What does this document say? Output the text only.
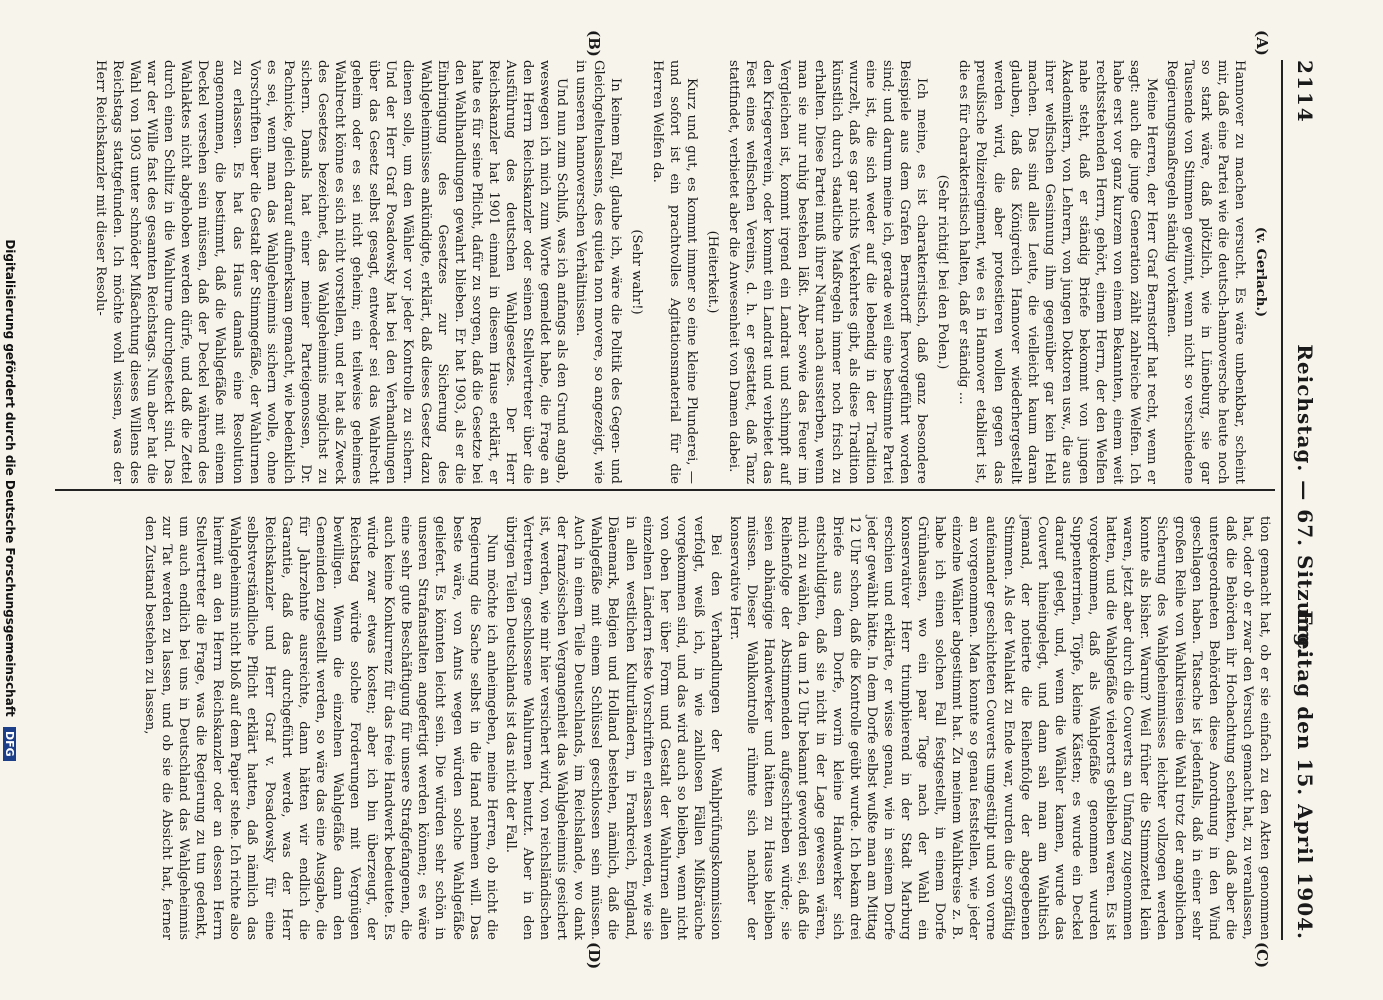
2114
Reichstag. — 67. Sitzung.
Freitag den 15. April 1904.
(A)
(B)
(C)
(D)

(v. Gerlach.)

Hannover zu machen versucht. Es wäre unbenkbar, scheint mir, daß eine Partei wie die deutsch-hannoversche heute noch so stark wäre, daß plötzlich, wie in Lüneburg, sie gar Tausende von Stimmen gewinnt, wenn nicht so verschiedene Regierungsmaßregeln ständig vorkämen.

Meine Herren, der Herr Graf Bernstorff hat recht, wenn er sagt: auch die junge Generation zählt zahlreiche Welfen. Ich habe erst vor ganz kurzem von einem Bekannten, einem weit rechtsstehenden Herrn, gehört, einem Herrn, der den Welfen nahe steht, daß er ständig Briefe bekommt von jungen Akademikern, von Lehrern, von jungen Doktoren usw., die aus ihrer welfischen Gesinnung ihm gegenüber gar kein Hehl machen. Das sind alles Leute, die vielleicht kaum daran glauben, daß das Königreich Hannover wiederhergestellt werden wird, die aber protestieren wollen gegen das preußische Polizeiregiment, wie es in Hannover etabliert ist, die es für charakteristisch halten, daß er ständig ...

(Sehr richtig! bei den Polen.)

Ich meine, es ist charakteristisch, daß ganz besondere Beispiele aus dem Grafen Bernstorff hervorgeführt worden sind; und darum meine ich, gerade weil eine bestimmte Partei eine ist, die sich weder auf die lebendig in der Tradition wurzelt, daß es gar nichts Verkehrtes gibt, als diese Tradition künstlich durch staatliche Maßregeln immer noch frisch zu erhalten. Diese Partei muß ihrer Natur nach aussterben, wenn man sie nur ruhig bestehen läßt. Aber sowie das Feuer im Vergleichen ist, kommt irgend ein Landrat und schimpft auf den Kriegerverein, oder kommt ein Landrat und verbietet das Fest eines welfischen Vereins, d. h. er gestattet, daß Tanz stattfindet, verbietet aber die Anwesenheit von Damen dabei.

(Heiterkeit.)

Kurz und gut, es kommt immer so eine kleine Plunderei, — und sofort ist ein prachtvolles Agitationsmaterial für die Herren Welfen da.

(Sehr wahr!)

In keinem Fall, glaube ich, wäre die Politik des Gegen- und Gleichgeltenlassens, des quieta non movere, so angezeigt, wie in unseren hannoverschen Verhältnissen.

Und nun zum Schluß, was ich anfangs als den Grund angab, weswegen ich mich zum Worte gemeldet habe, die Frage an den Herrn Reichskanzler oder seinen Stellvertreter über die Ausführung des deutschen Wahlgesetzes. Der Herr Reichskanzler hat 1901 einmal in diesem Hause erklärt, er halte es für seine Pflicht, dafür zu sorgen, daß die Gesetze bei den Wahlhandlungen gewahrt blieben. Er hat 1903, als er die Einbringung des Gesetzes zur Sicherung des Wahlgeheimnisses ankündigte, erklärt, daß dieses Gesetz dazu dienen solle, um den Wähler vor jeder Kontrolle zu sichern. Und der Herr Graf Posadowsky hat bei den Verhandlungen über das Gesetz selbst gesagt, entweder sei das Wahlrecht geheim oder es sei nicht geheim; ein teilweise geheimes Wahlrecht könne es sich nicht vorstellen, und er hat als Zweck des Gesetzes bezeichnet, das Wahlgeheimnis möglichst zu sichern. Damals hat einer meiner Parteigenossen, Dr. Pachnicke, gleich darauf aufmerksam gemacht, wie bedenklich es sei, wenn man das Wahlgeheimnis sichern wolle, ohne Vorschriften über die Gestalt der Stimmgefäße, der Wahlurnen zu erlassen. Es hat das Haus damals eine Resolution angenommen, die bestimmt, daß die Wahlgefäße mit einem Deckel versehen sein müssen, daß der Deckel während des Wahlaktes nicht abgehoben werden dürfe, und daß die Zettel durch einen Schlitz in die Wahlurne durchgesteckt sind. Das war der Wille fast des gesamten Reichstags. Nun aber hat die Wahl von 1903 unter schnöder Mißachtung dieses Willens des Reichstags stattgefunden. Ich möchte wohl wissen, was der Herr Reichskanzler mit dieser Resolu-

tion gemacht hat, ob er sie einfach zu den Akten genommen hat, oder ob er zwar den Versuch gemacht hat, zu veranlassen, daß die Behörden ihr Hochachtung schenkten, daß aber die untergeordneten Behörden diese Anordnung in den Wind geschlagen haben. Tatsache ist jedenfalls, daß in einer sehr großen Reihe von Wahlkreisen die Wahl trotz der angeblichen Sicherung des Wahlgeheimnisses leichter vollzogen werden konnte als bisher. Warum? Weil früher die Stimmzettel klein waren, jetzt aber durch die Couverts an Umfang zugenommen hatten, und die Wahlgefäße vielerorts geblieben waren. Es ist vorgekommen, daß als Wahlgefäße genommen wurden Suppenterrinen, Töpfe, kleine Kästen; es wurde ein Deckel darauf gelegt, und, wenn die Wähler kamen, wurde das Couvert hineingelegt, und dann sah man am Wahltisch jemand, der notierte die Reihenfolge der abgegebenen Stimmen. Als der Wahlakt zu Ende war, wurden die sorgfältig aufeinander geschichteten Couverts umgestülpt und von vorne an vorgenommen. Man konnte so genau feststellen, wie jeder einzelne Wähler abgestimmt hat. Zu meinem Wahlkreise z. B. habe ich einen solchen Fall festgestellt, in einem Dorfe Grünhausen, wo ein paar Tage nach der Wahl ein konservativer Herr triumphierend in der Stadt Marburg erschien und erklärte, er wisse genau, wie in seinem Dorfe jeder gewählt hätte. In dem Dorfe selbst wußte man am Mittag 12 Uhr schon, daß die Kontrolle geübt wurde. Ich bekam drei Briefe aus dem Dorfe, worin kleine Handwerker sich entschuldigten, daß sie nicht in der Lage gewesen wären, mich zu wählen, da um 12 Uhr bekannt geworden sei, daß die Reihenfolge der Abstimmenden aufgeschrieben würde; sie seien abhängige Handwerker und hätten zu Hause bleiben müssen. Dieser Wahlkontrolle rühmte sich nachher der konservative Herr.

Bei den Verhandlungen der Wahlprüfungskommission verfolgt, weiß ich, in wie zahllosen Fällen Mißbräuche vorgekommen sind, und das wird auch so bleiben, wenn nicht von oben her über Form und Gestalt der Wahlurnen allen einzelnen Ländern feste Vorschriften erlassen werden, wie sie in allen westlichen Kulturländern, in Frankreich, England, Dänemark, Belgien und Holland bestehen, nämlich, daß die Wahlgefäße mit einem Schlüssel geschlossen sein müssen. Auch in einem Teile Deutschlands, im Reichslande, wo dank der französischen Vergangenheit das Wahlgeheimnis gesichert ist, werden, wie mir hier versichert wird, von reichsländischen Vertretern geschlossene Wahlurnen benutzt. Aber in den übrigen Teilen Deutschlands ist das nicht der Fall.

Nun möchte ich anheimgeben, meine Herren, ob nicht die Regierung die Sache selbst in die Hand nehmen will. Das beste wäre, von Amts wegen würden solche Wahlgefäße geliefert. Es könnten leicht sein. Die würden sehr schön in unseren Strafanstalten angefertigt werden können; es wäre eine sehr gute Beschäftigung für unsere Strafgefangenen, die auch keine Konkurrenz für das freie Handwerk bedeutete. Es würde zwar etwas kosten; aber ich bin überzeugt, der Reichstag würde solche Forderungen mit Vergnügen bewilligen. Wenn die einzelnen Wahlgefäße dann den Gemeinden zugestellt werden, so wäre das eine Ausgabe, die für Jahrzehnte ausreichte, dann hätten wir endlich die Garantie, daß das durchgeführt werde, was der Herr Reichskanzler und Herr Graf v. Posadowsky für eine selbstverständliche Pflicht erklärt hatten, daß nämlich das Wahlgeheimnis nicht bloß auf dem Papier stehe. Ich richte also hiermit an den Herrn Reichskanzler oder an dessen Herrn Stellvertreter die Frage, was die Regierung zu tun gedenkt, um auch endlich bei uns in Deutschland das Wahlgeheimnis zur Tat werden zu lassen, und ob sie die Absicht hat, ferner den Zustand bestehen zu lassen,

Digitalisierung gefördert durch die Deutsche Forschungsgemeinschaft DFG
